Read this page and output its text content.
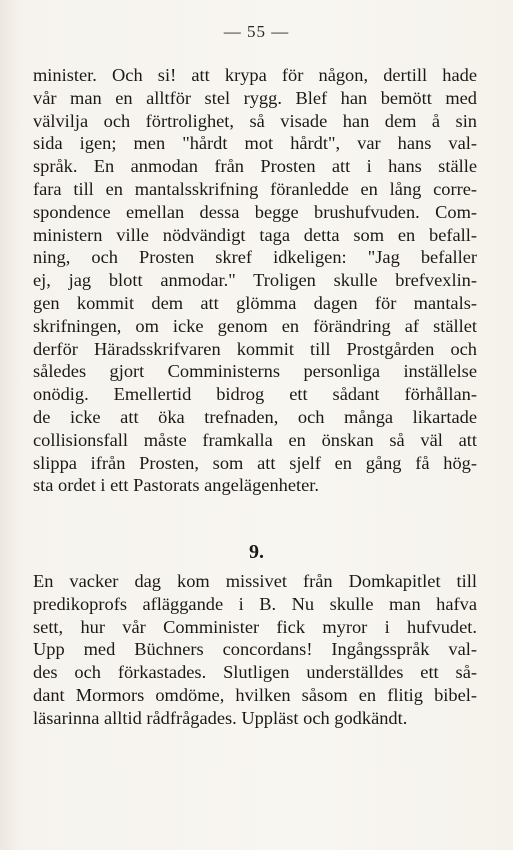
— 55 —
minister. Och si! att krypa för någon, dertill hade
vår man en alltför stel rygg. Blef han bemött med
välvilja och förtrolighet, så visade han dem å sin
sida igen; men "hårdt mot hårdt", var hans val-
språk. En anmodan från Prosten att i hans ställe
fara till en mantalsskrifning föranledde en lång corre-
spondence emellan dessa begge brushufvuden. Com-
ministern ville nödvändigt taga detta som en befall-
ning, och Prosten skref idkeligen: "Jag befaller
ej, jag blott anmodar." Troligen skulle brefvexlin-
gen kommit dem att glömma dagen för mantals-
skrifningen, om icke genom en förändring af stället
derför Häradsskrifvaren kommit till Prostgården och
således gjort Comministerns personliga inställelse
onödig. Emellertid bidrog ett sådant förhållan-
de icke att öka trefnaden, och många likartade
collisionsfall måste framkalla en önskan så väl att
slippa ifrån Prosten, som att sjelf en gång få hög-
sta ordet i ett Pastorats angelägenheter.
9.
En vacker dag kom missivet från Domkapitlet till
predikoprofs afläggande i B. Nu skulle man hafva
sett, hur vår Comminister fick myror i hufvudet.
Upp med Büchners concordans! Ingångsspråk val-
des och förkastades. Slutligen underställdes ett så-
dant Mormors omdöme, hvilken såsom en flitig bibel-
läsarinna alltid rådfrågades. Uppläst och godkändt.
